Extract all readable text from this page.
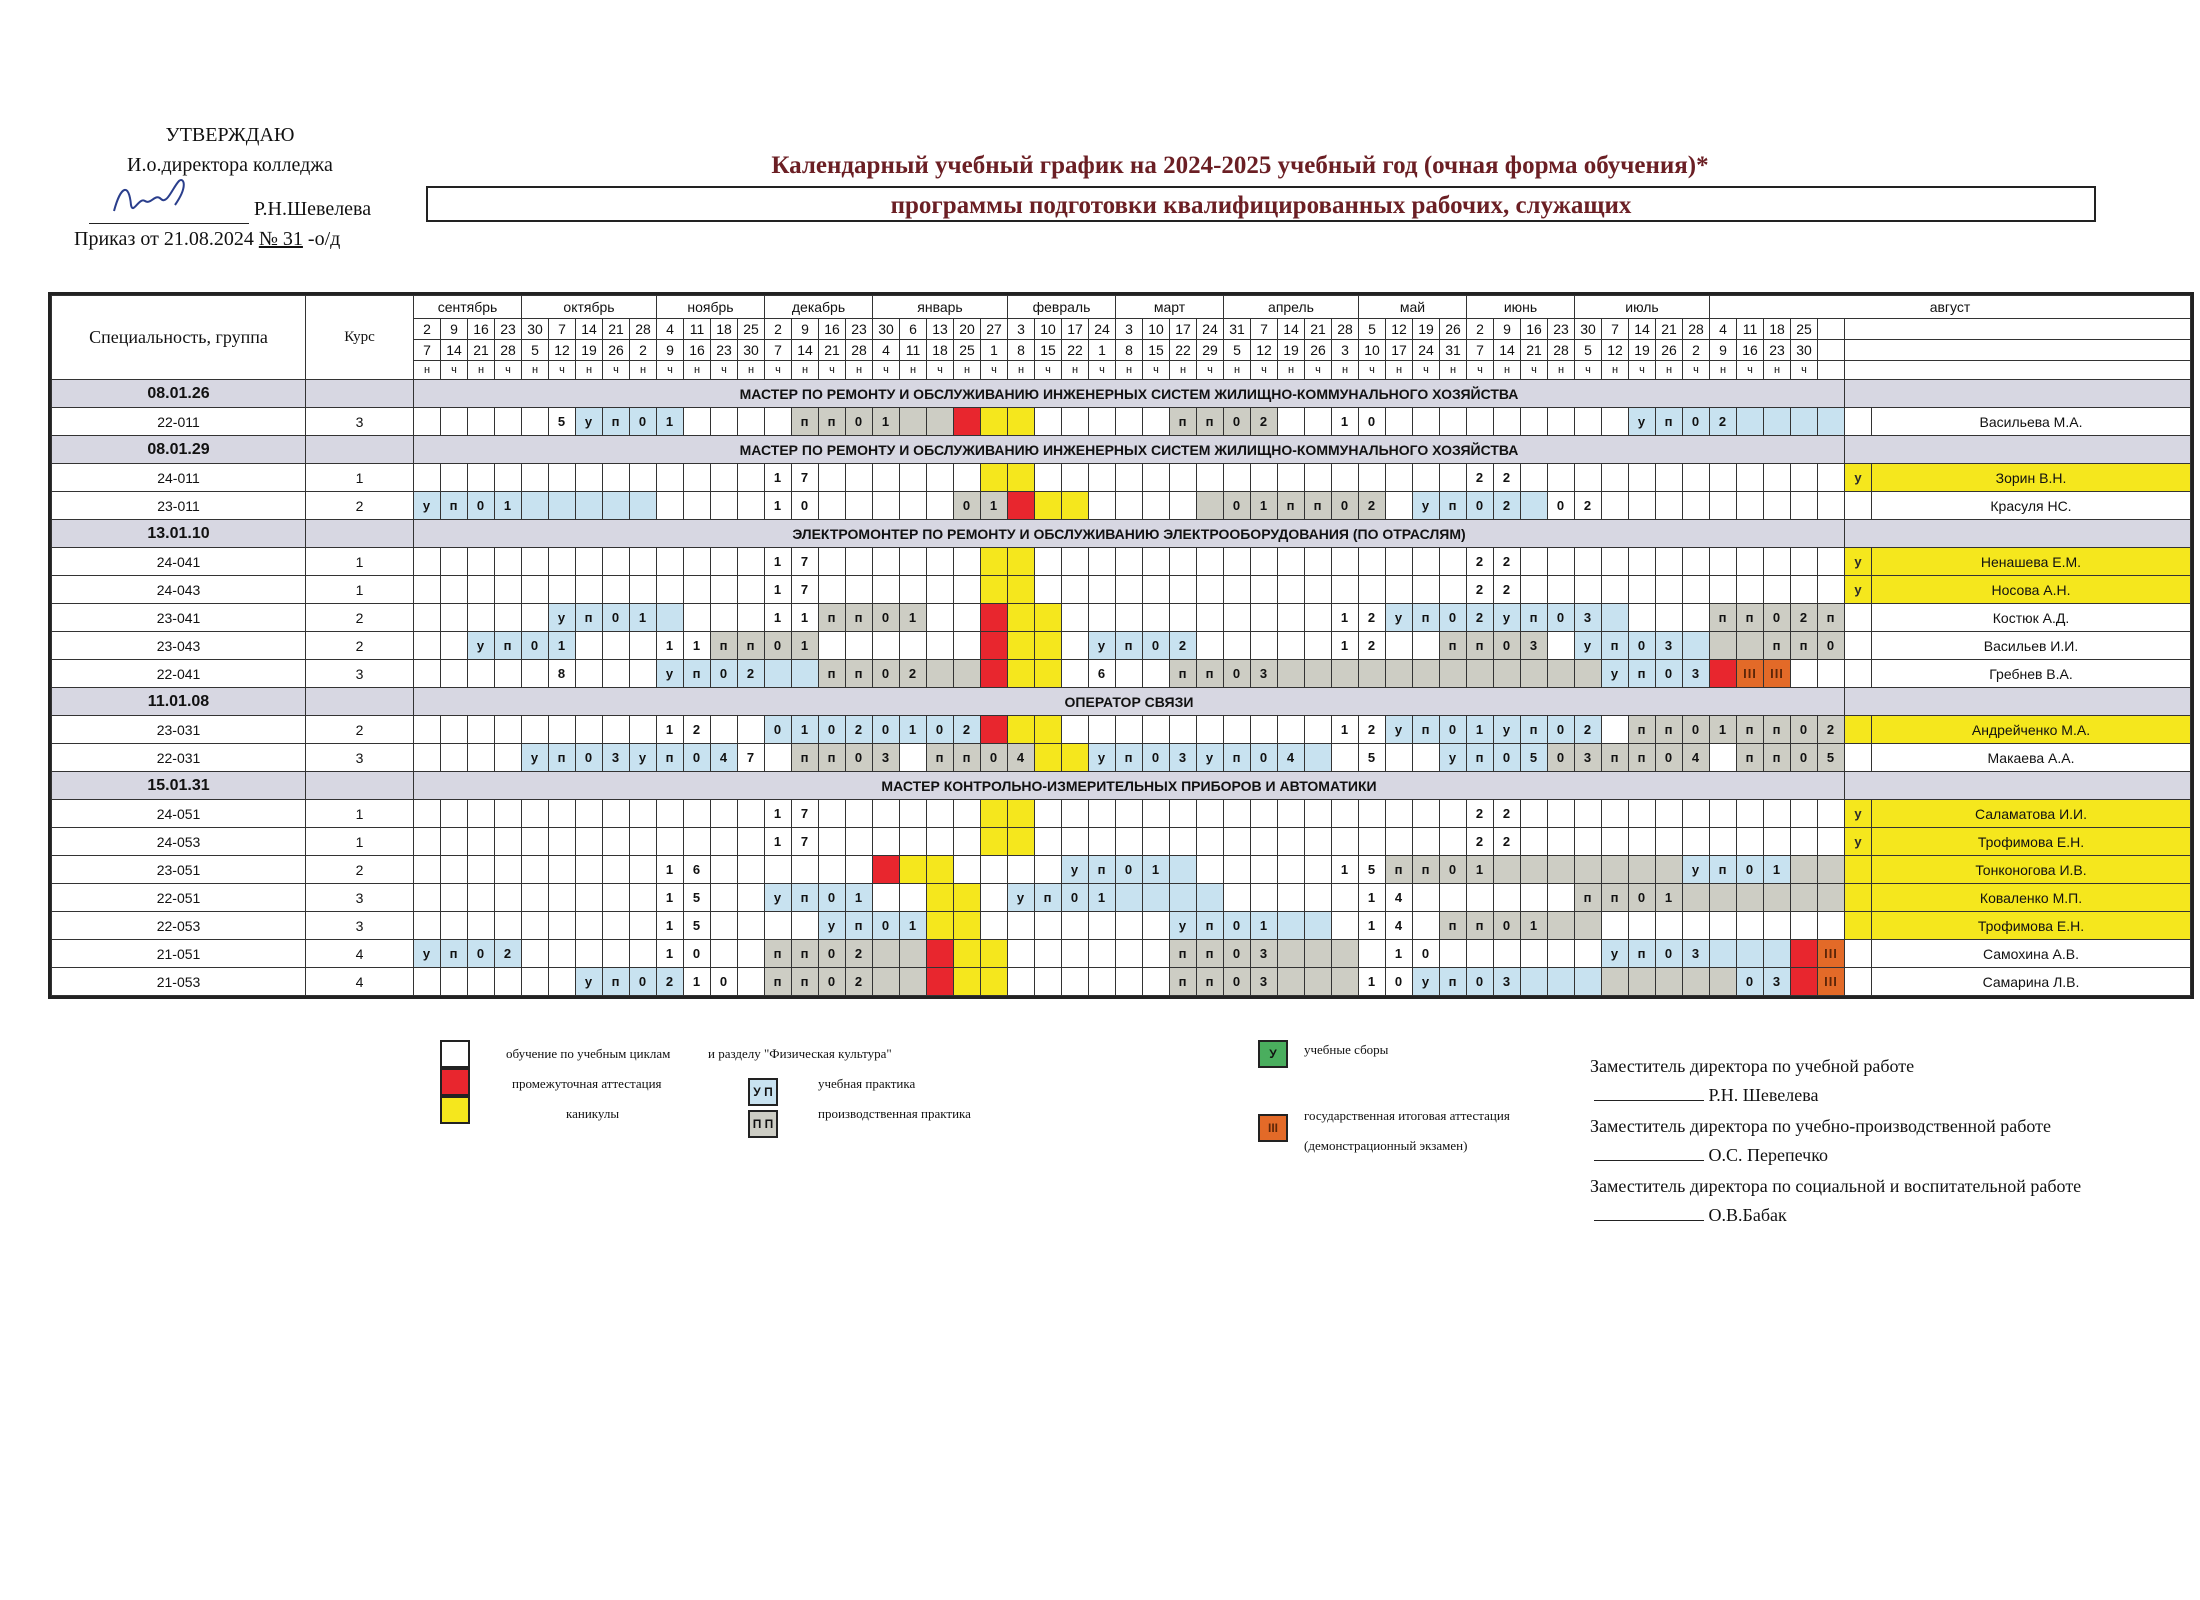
УТВЕРЖДАЮ
И.о.директора колледжа
Р.Н.Шевелева
Приказ от 21.08.2024 № 31 -о/д
Календарный учебный график на 2024-2025 учебный год (очная форма обучения)*
программы подготовки квалифицированных рабочих, служащих
Специальность, группа	Курс	сентябрь				октябрь					ноябрь				декабрь				январь					февраль				март				апрель					май				июнь				июль					август						
		2	9	16	23	30	7	14	21	28	4	11	18	25	2	9	16	23	30	6	13	20	27	3	10	17	24	3	10	17	24	31	7	14	21	28	5	12	19	26	2	9	16	23	30	7	14	21	28	4	11	18	25			
		7	14	21	28	5	12	19	26	2	9	16	23	30	7	14	21	28	4	11	18	25	1	8	15	22	1	8	15	22	29	5	12	19	26	3	10	17	24	31	7	14	21	28	5	12	19	26	2	9	16	23	30			
		н	ч	н	ч	н	ч	н	ч	н	ч	н	ч	н	ч	н	ч	н	ч	н	ч	н	ч	н	ч	н	ч	н	ч	н	ч	н	ч	н	ч	н	ч	н	ч	н	ч	н	ч	н	ч	н	ч	н	ч	н	ч	н	ч			
08.01.26		МАСТЕР ПО РЕМОНТУ И ОБСЛУЖИВАНИЮ ИНЖЕНЕРНЫХ СИСТЕМ ЖИЛИЩНО-КОММУНАЛЬНОГО ХОЗЯЙСТВА																																																						
22-011	3						5	у	п	0	1					п	п	0	1											п	п	0	2			1	0										у	п	0	2						Васильева М.А.
08.01.29		МАСТЕР ПО РЕМОНТУ И ОБСЛУЖИВАНИЮ ИНЖЕНЕРНЫХ СИСТЕМ ЖИЛИЩНО-КОММУНАЛЬНОГО ХОЗЯЙСТВА																																																						
24-011	1														1	7																									2	2													у	Зорин В.Н.
23-011	2	у	п	0	1										1	0						0	1									0	1	п	п	0	2		у	п	0	2		0	2											Красуля НС.
13.01.10		ЭЛЕКТРОМОНТЕР ПО РЕМОНТУ И ОБСЛУЖИВАНИЮ ЭЛЕКТРООБОРУДОВАНИЯ (ПО ОТРАСЛЯМ)																																																						
24-041	1														1	7																									2	2													у	Ненашева Е.М.
24-043	1														1	7																									2	2													у	Носова А.Н.
23-041	2						у	п	0	1					1	1	п	п	0	1																1	2	у	п	0	2	у	п	0	3					п	п	0	2	п		Костюк А.Д.
23-043	2			у	п	0	1				1	1	п	п	0	1											у	п	0	2						1	2			п	п	0	3		у	п	0	3				п	п	0		Васильев И.И.
22-041	3						8				у	п	0	2			п	п	0	2							6			п	п	0	3													у	п	0	3		III	III				Гребнев В.А.
11.01.08		ОПЕРАТОР СВЯЗИ																																																						
23-031	2										1	2			0	1	0	2	0	1	0	2														1	2	у	п	0	1	у	п	0	2		п	п	0	1	п	п	0	2		Андрейченко М.А.
22-031	3					у	п	0	3	у	п	0	4	7		п	п	0	3		п	п	0	4			у	п	0	3	у	п	0	4			5			у	п	0	5	0	3	п	п	0	4		п	п	0	5		Макаева А.А.
15.01.31		МАСТЕР КОНТРОЛЬНО-ИЗМЕРИТЕЛЬНЫХ ПРИБОРОВ И АВТОМАТИКИ																																																						
24-051	1														1	7																									2	2													у	Саламатова И.И.
24-053	1														1	7																									2	2													у	Трофимова Е.Н.
23-051	2										1	6														у	п	0	1							1	5	п	п	0	1								у	п	0	1				Тонконогова И.В.
22-051	3										1	5			у	п	0	1						у	п	0	1										1	4							п	п	0	1								Коваленко М.П.
22-053	3										1	5					у	п	0	1										у	п	0	1				1	4		п	п	0	1													Трофимова Е.Н.
21-051	4	у	п	0	2						1	0			п	п	0	2												п	п	0	3					1	0							у	п	0	3					III		Самохина А.В.
21-053	4							у	п	0	2	1	0		п	п	0	2												п	п	0	3				1	0	у	п	0	3									0	3		III		Самарина Л.В.
обучение по учебным циклам	и разделу "Физическая культура"
промежуточная аттестация
каникулы
У П
учебная практика
П П
производственная практика
У	учебные сборы
III
государственная итоговая аттестация
(демонстрационный экзамен)
Заместитель директора по учебной работе
Р.Н. Шевелева
Заместитель директора по учебно-производственной работе
О.С. Перепечко
Заместитель директора по социальной и воспитательной работе
О.В.Бабак
